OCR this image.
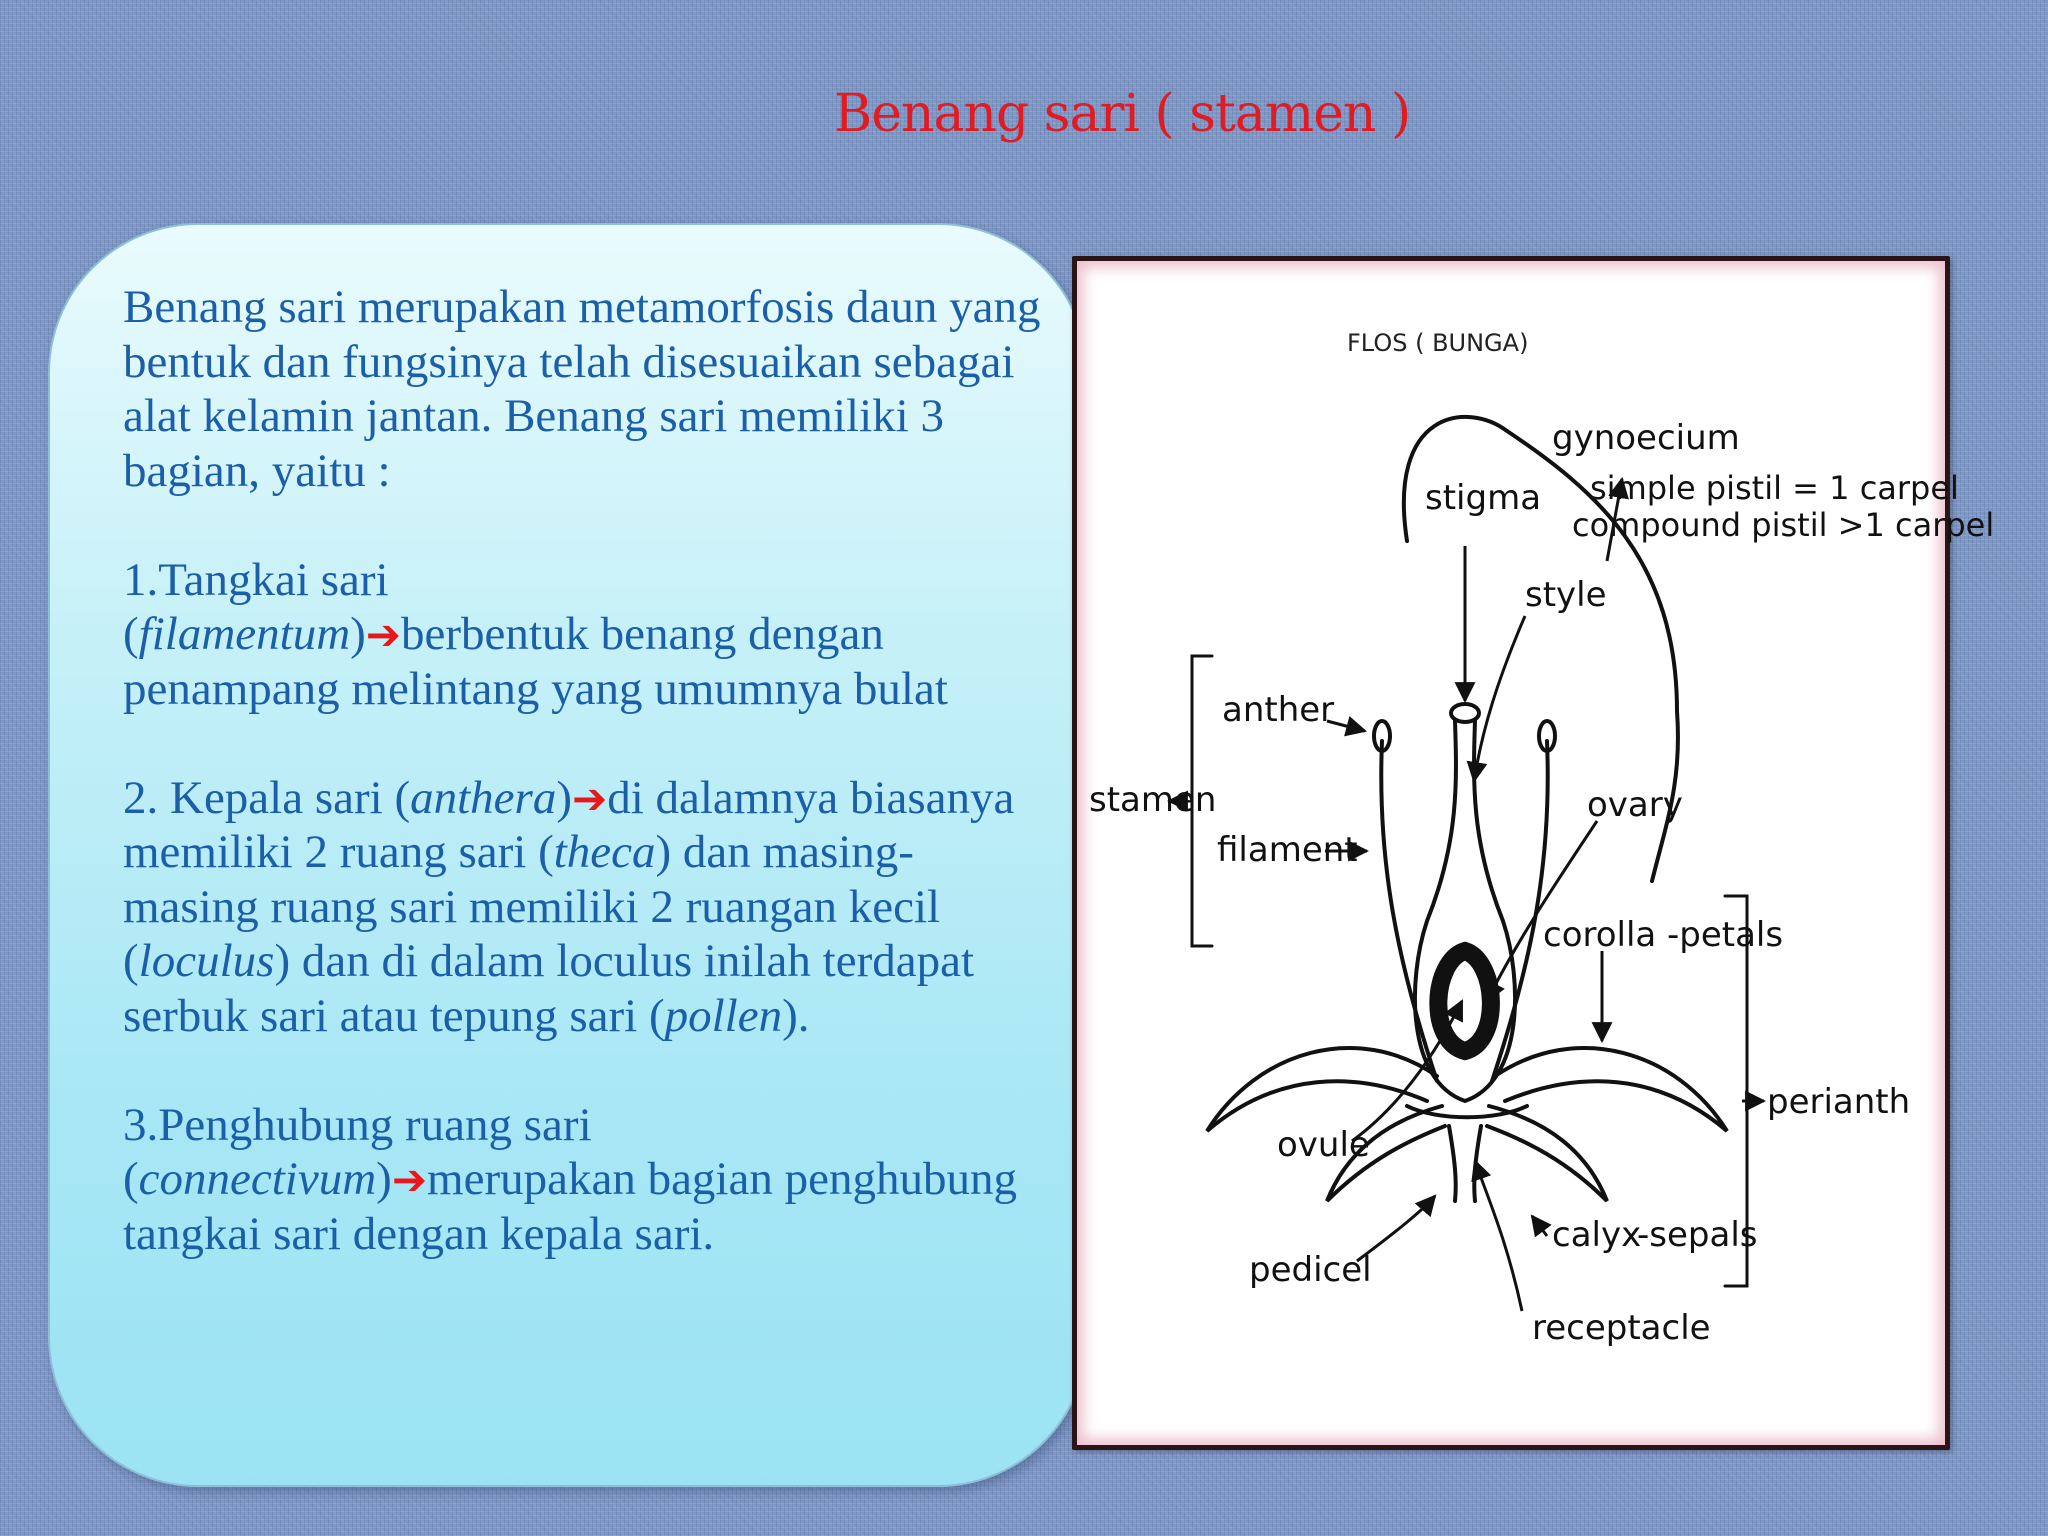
Benang sari ( stamen )

Benang sari merupakan metamorfosis daun yang bentuk dan fungsinya telah disesuaikan sebagai alat kelamin jantan. Benang sari memiliki 3 bagian, yaitu :

1.Tangkai sari
(filamentum)➔berbentuk benang dengan penampang melintang yang umumnya bulat

2. Kepala sari (anthera)➔di dalamnya biasanya memiliki 2 ruang sari (theca) dan masing-masing ruang sari memiliki 2 ruangan kecil (loculus) dan di dalam loculus inilah terdapat serbuk sari atau tepung sari (pollen).

3.Penghubung ruang sari
(connectivum)➔merupakan bagian penghubung tangkai sari dengan kepala sari.

FLOS ( BUNGA)
gynoecium
simple pistil = 1 carpel
compound pistil >1 carpel
stigma
style
anther
stamen
filament
ovary
corolla -petals
perianth
ovule
calyx
-sepals
pedicel
receptacle
